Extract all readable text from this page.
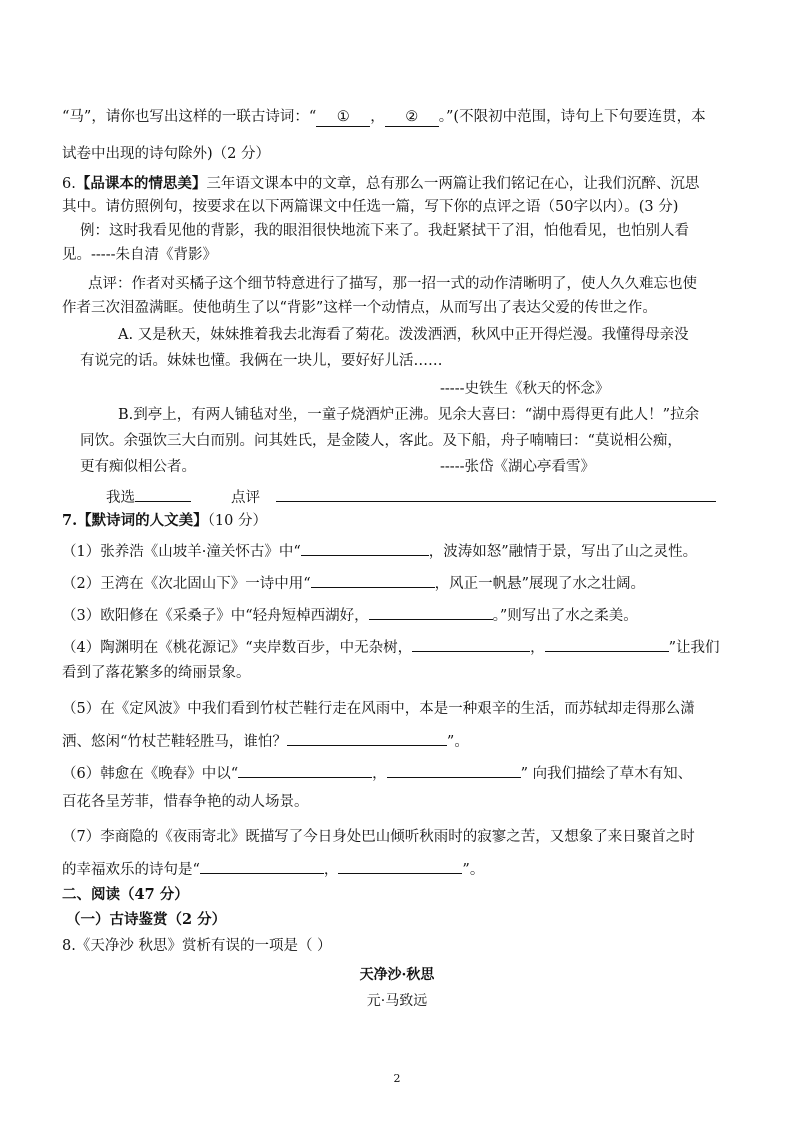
“马”，请你也写出这样的一联古诗词：“ ① ， ② 。”(不限初中范围，诗句上下句要连贯，本
试卷中出现的诗句除外)（2 分）
6.【品课本的情思美】三年语文课本中的文章，总有那么一两篇让我们铭记在心，让我们沉醉、沉思
其中。请仿照例句，按要求在以下两篇课文中任选一篇，写下你的点评之语（50字以内）。(3 分)
例：这时我看见他的背影，我的眼泪很快地流下来了。我赶紧拭干了泪，怕他看见，也怕别人看
见。-----朱自清《背影》
点评：作者对买橘子这个细节特意进行了描写，那一招一式的动作清晰明了，使人久久难忘也使
作者三次泪盈满眶。使他萌生了以“背影”这样一个动情点，从而写出了表达父爱的传世之作。
A. 又是秋天，妹妹推着我去北海看了菊花。泼泼洒洒，秋风中正开得烂漫。我懂得母亲没
有说完的话。妹妹也懂。我俩在一块儿，要好好儿活……
-----史铁生《秋天的怀念》
B.到亭上，有两人铺毡对坐，一童子烧酒炉正沸。见余大喜曰：“湖中焉得更有此人！”拉余
同饮。余强饮三大白而别。问其姓氏，是金陵人，客此。及下船，舟子喃喃曰：“莫说相公痴，
更有痴似相公者。	-----张岱《湖心亭看雪》
我选	点评
7.【默诗词的人文美】（10 分）
（1）张养浩《山坡羊·潼关怀古》中“	，波涛如怒”融情于景，写出了山之灵性。
（2）王湾在《次北固山下》一诗中用“	，风正一帆悬”展现了水之壮阔。
（3）欧阳修在《采桑子》中“轻舟短棹西湖好，	。”则写出了水之柔美。
（4）陶渊明在《桃花源记》“夹岸数百步，中无杂树，	，	”让我们
看到了落花繁多的绮丽景象。
（5）在《定风波》中我们看到竹杖芒鞋行走在风雨中，本是一种艰辛的生活，而苏轼却走得那么潇
洒、悠闲“竹杖芒鞋轻胜马，谁怕？	”。
（6）韩愈在《晚春》中以“	，	” 向我们描绘了草木有知、
百花各呈芳菲，惜春争艳的动人场景。
（7）李商隐的《夜雨寄北》既描写了今日身处巴山倾听秋雨时的寂寥之苦，又想象了来日聚首之时
的幸福欢乐的诗句是“	，	”。
二、阅读（47 分）
（一）古诗鉴赏（2 分）
8.《天净沙 秋思》赏析有误的一项是（ ）
天净沙·秋思
元·马致远
2
